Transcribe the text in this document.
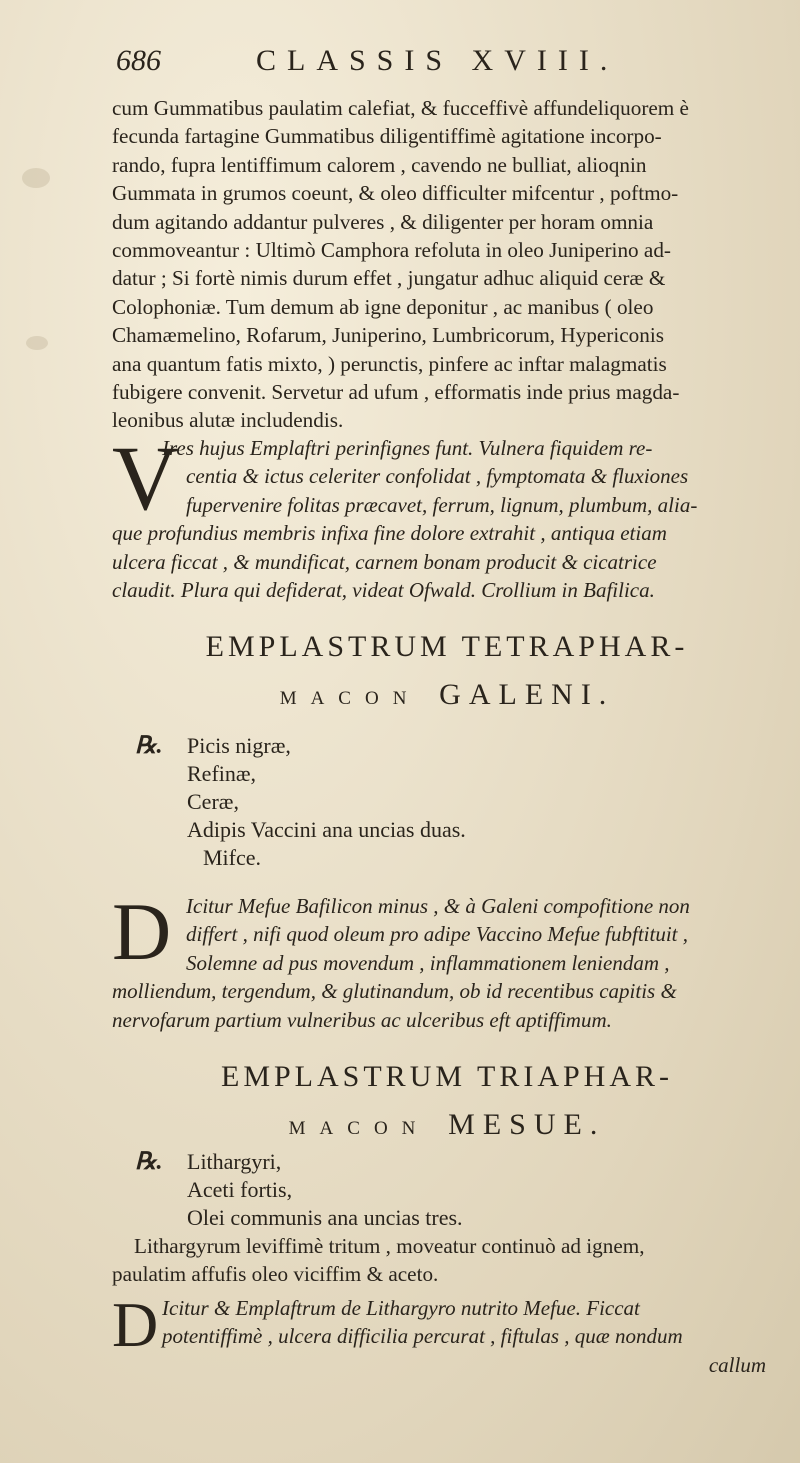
686	CLASSIS XVIII.

cum Gummatibus paulatim calefiat, & fucceffivè affundeliquorem è
fecunda fartagine Gummatibus diligentiffimè agitatione incorpo-
rando, fupra lentiffimum calorem , cavendo ne bulliat, alioqnin
Gummata in grumos coeunt, & oleo difficulter mifcentur , poftmo-
dum agitando addantur pulveres , & diligenter per horam omnia
commoveantur : Ultimò Camphora refoluta in oleo Juniperino ad-
datur ; Si fortè nimis durum effet , jungatur adhuc aliquid ceræ &
Colophoniæ. Tum demum ab igne deponitur , ac manibus ( oleo
Chamæmelino, Rofarum, Juniperino, Lumbricorum, Hypericonis
ana quantum fatis mixto, ) perunctis, pinfere ac inftar malagmatis
fubigere convenit. Servetur ad ufum , efformatis inde prius magda-
leonibus alutæ includendis.

V
Ires hujus Emplaftri perinfignes funt. Vulnera fiquidem re-
centia & ictus celeriter confolidat , fymptomata & fluxiones
fupervenire folitas præcavet, ferrum, lignum, plumbum, alia-
que profundius membris infixa fine dolore extrahit , antiqua etiam
ulcera ficcat , & mundificat, carnem bonam producit & cicatrice
claudit. Plura qui defiderat, videat Ofwald. Crollium in Bafilica.

EMPLASTRUM TETRAPHAR-

MACON GALENI.

℞. Picis nigræ,
Refinæ,
Ceræ,
Adipis Vaccini ana uncias duas.
Mifce.

D Icitur Mefue Bafilicon minus , & à Galeni compofitione non
differt , nifi quod oleum pro adipe Vaccino Mefue fubftituit ,
Solemne ad pus movendum , inflammationem leniendam ,
molliendum, tergendum, & glutinandum, ob id recentibus capitis &
nervofarum partium vulneribus ac ulceribus eft aptiffimum.

EMPLASTRUM TRIAPHAR-

MACON MESUE.

℞. Lithargyri,
Aceti fortis,
Olei communis ana uncias tres.

Lithargyrum leviffimè tritum , moveatur continuò ad ignem,
paulatim affufis oleo viciffim & aceto.

D Icitur & Emplaftrum de Lithargyro nutrito Mefue. Ficcat
potentiffimè , ulcera difficilia percurat , fiftulas , quæ nondum
callum
